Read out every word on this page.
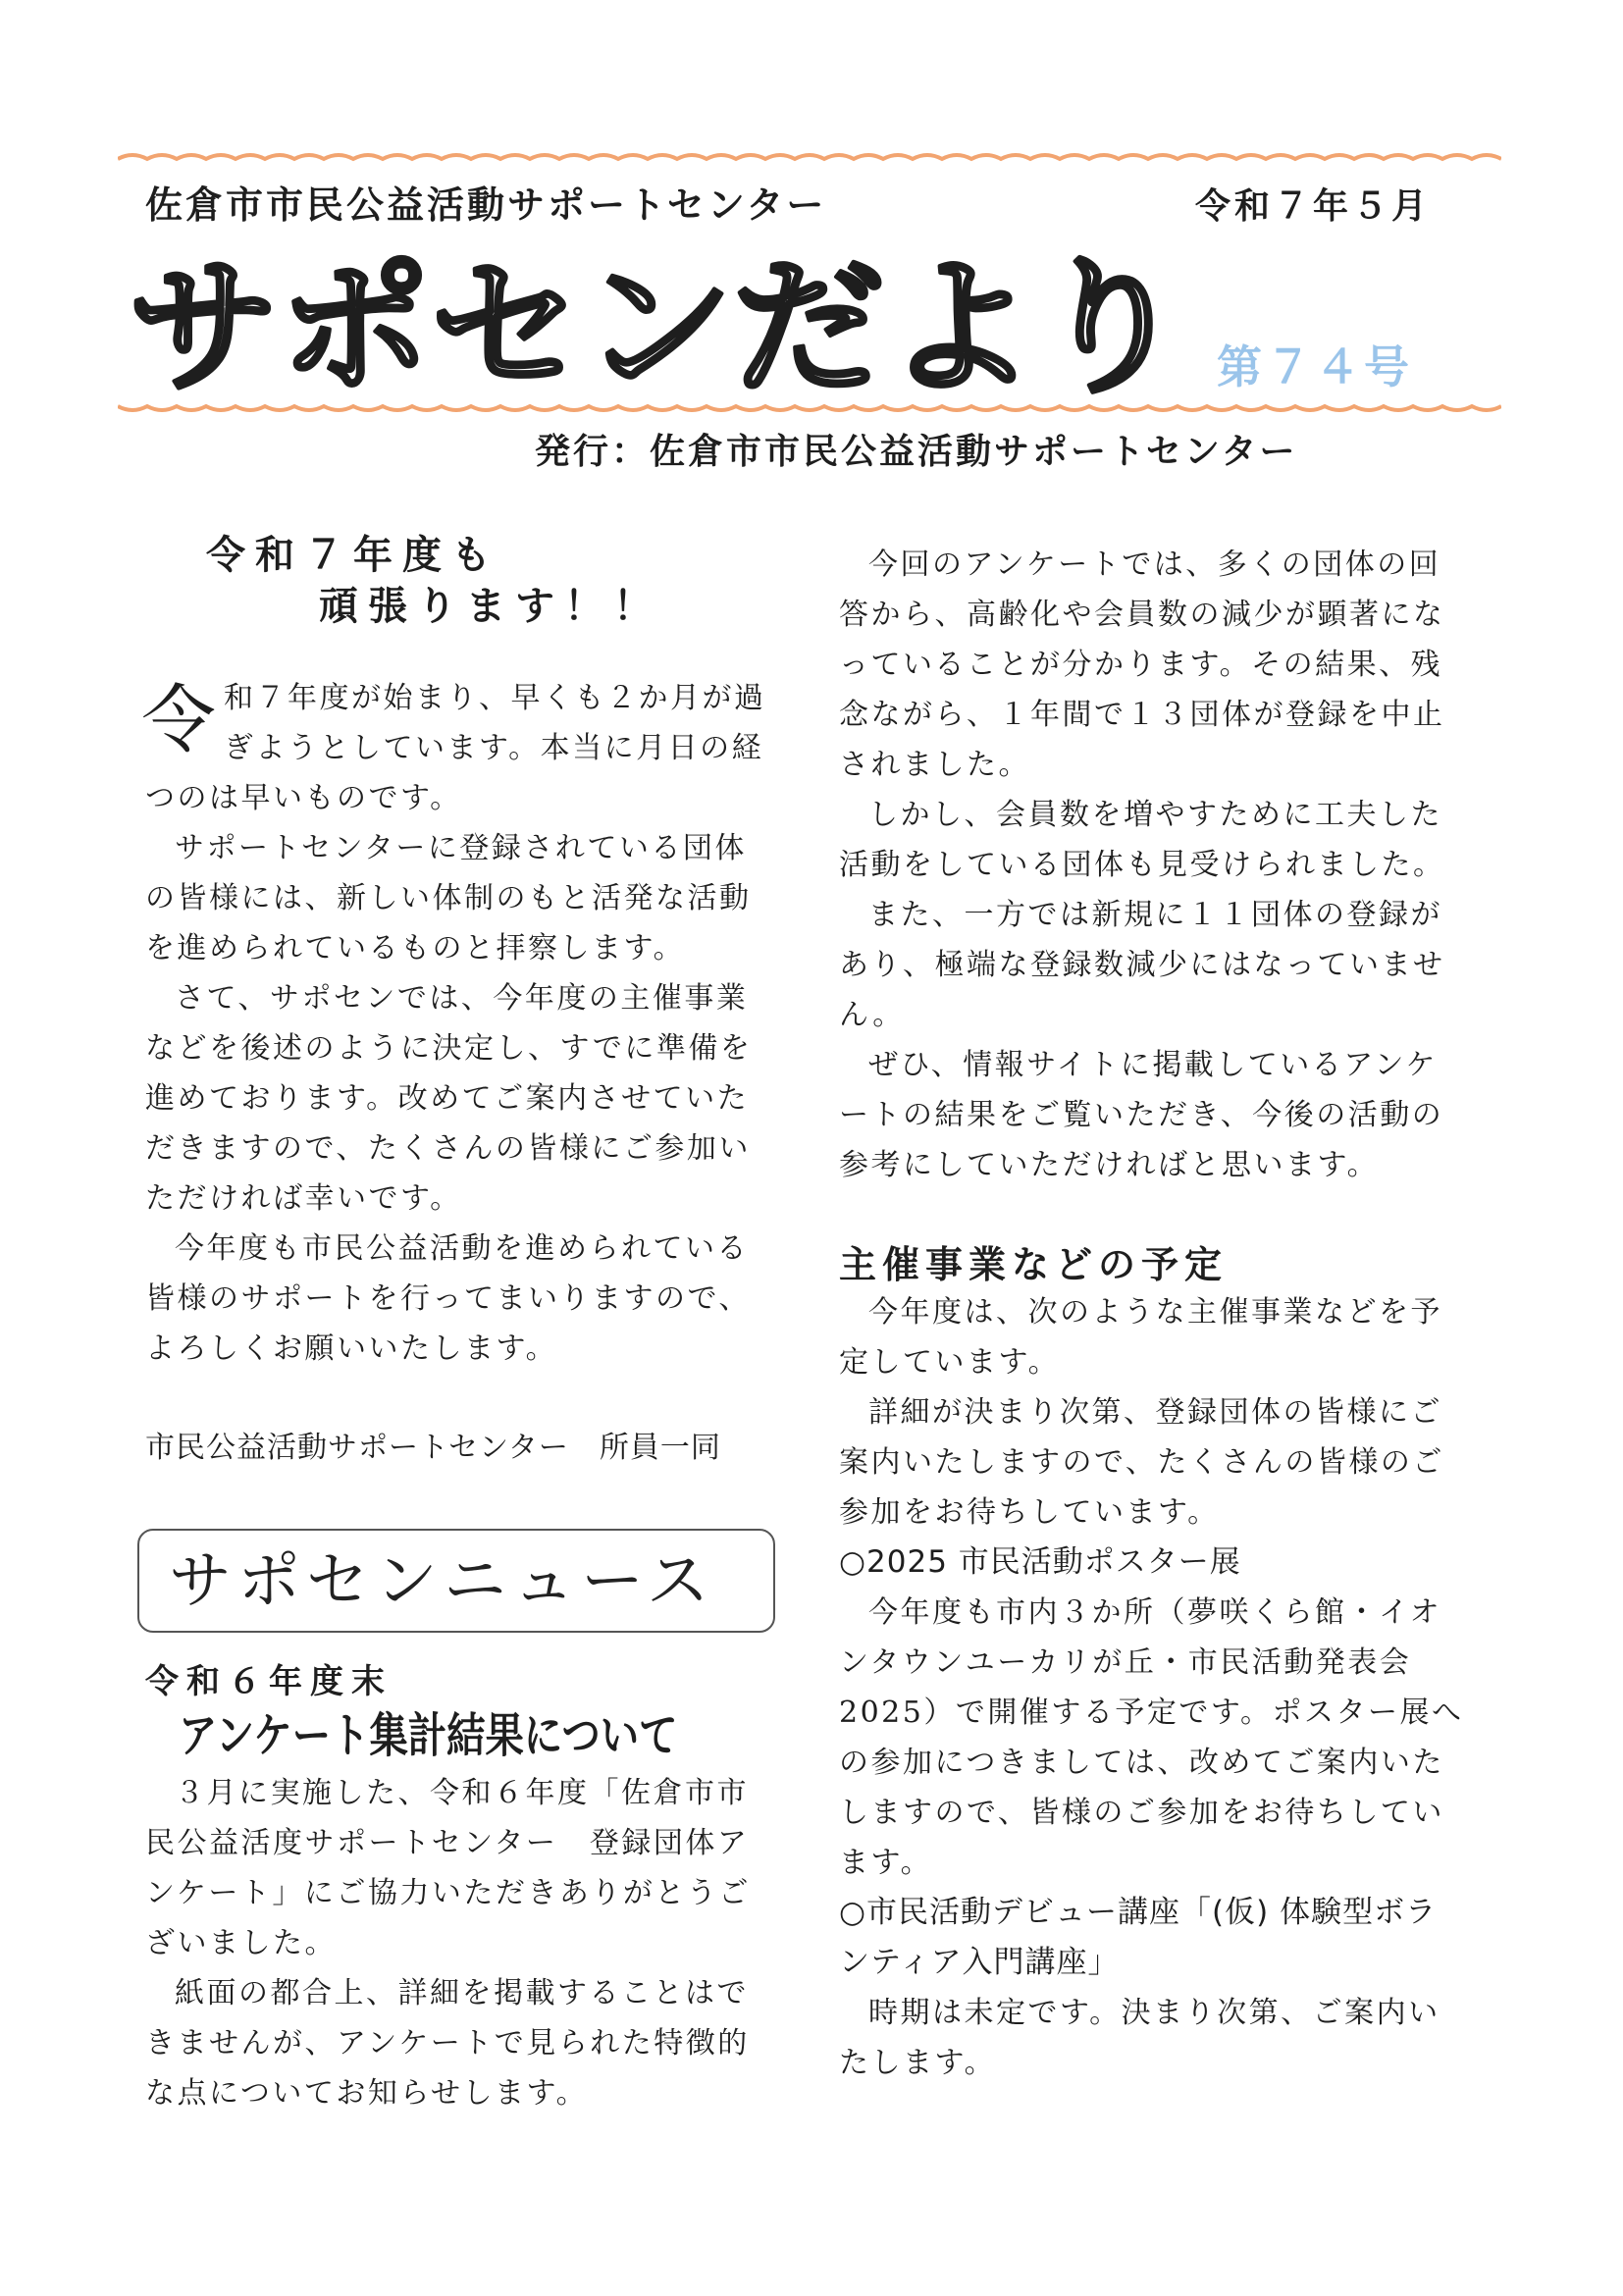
佐倉市市民公益活動サポートセンター	令和７年５月
サポセンだより 第７４号
発行：佐倉市市民公益活動サポートセンター
令和７年度も
頑張ります！！

令和７年度が始まり、早くも２か月が過ぎようとしています。本当に月日の経つのは早いものです。

サポートセンターに登録されている団体の皆様には、新しい体制のもと活発な活動を進められているものと拝察します。

さて、サポセンでは、今年度の主催事業などを後述のように決定し、すでに準備を進めております。改めてご案内させていただきますので、たくさんの皆様にご参加いただければ幸いです。

今年度も市民公益活動を進められている皆様のサポートを行ってまいりますので、よろしくお願いいたします。

市民公益活動サポートセンター　所員一同
サポセンニュース
令和６年度末
アンケート集計結果について

３月に実施した、令和６年度「佐倉市市民公益活度サポートセンター　登録団体アンケート」にご協力いただきありがとうございました。

紙面の都合上、詳細を掲載することはできませんが、アンケートで見られた特徴的な点についてお知らせします。

今回のアンケートでは、多くの団体の回答から、高齢化や会員数の減少が顕著になっていることが分かります。その結果、残念ながら、１年間で１３団体が登録を中止されました。

しかし、会員数を増やすために工夫した活動をしている団体も見受けられました。

また、一方では新規に１１団体の登録があり、極端な登録数減少にはなっていません。

ぜひ、情報サイトに掲載しているアンケートの結果をご覧いただき、今後の活動の参考にしていただければと思います。

主催事業などの予定

今年度は、次のような主催事業などを予定しています。

詳細が決まり次第、登録団体の皆様にご案内いたしますので、たくさんの皆様のご参加をお待ちしています。

○2025 市民活動ポスター展

今年度も市内３か所（夢咲くら館・イオンタウンユーカリが丘・市民活動発表会 2025）で開催する予定です。ポスター展への参加につきましては、改めてご案内いたしますので、皆様のご参加をお待ちしています。

○市民活動デビュー講座「(仮) 体験型ボランティア入門講座」

時期は未定です。決まり次第、ご案内いたします。
